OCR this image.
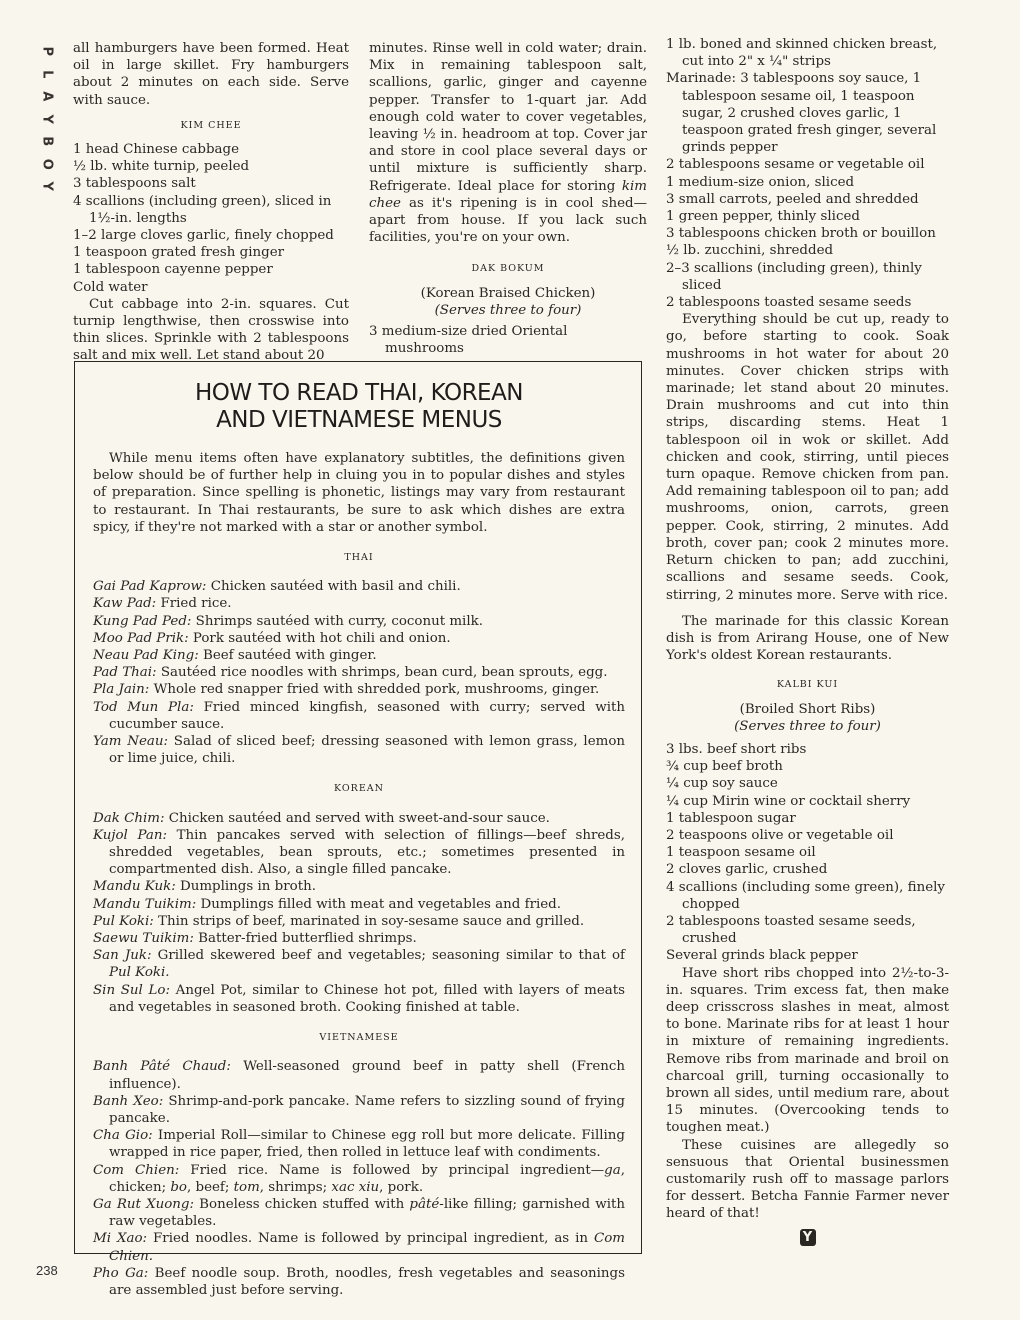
P
L
A
Y
B
O
Y

all hamburgers have been formed. Heat oil in large skillet. Fry hamburgers about 2 minutes on each side. Serve with sauce.

KIM CHEE

1 head Chinese cabbage

½ lb. white turnip, peeled

3 tablespoons salt

4 scallions (including green), sliced in 1½-in. lengths

1–2 large cloves garlic, finely chopped

1 teaspoon grated fresh ginger

1 tablespoon cayenne pepper

Cold water

Cut cabbage into 2-in. squares. Cut turnip lengthwise, then crosswise into thin slices. Sprinkle with 2 tablespoons salt and mix well. Let stand about 20

minutes. Rinse well in cold water; drain. Mix in remaining tablespoon salt, scallions, garlic, ginger and cayenne pepper. Transfer to 1-quart jar. Add enough cold water to cover vegetables, leaving ½ in. headroom at top. Cover jar and store in cool place several days or until mixture is sufficiently sharp. Refrigerate. Ideal place for storing kim chee as it's ripening is in cool shed—apart from house. If you lack such facilities, you're on your own.

DAK BOKUM

(Korean Braised Chicken)

(Serves three to four)

3 medium-size dried Oriental mushrooms

1 lb. boned and skinned chicken breast, cut into 2" x ¼" strips

Marinade: 3 tablespoons soy sauce, 1 tablespoon sesame oil, 1 teaspoon sugar, 2 crushed cloves garlic, 1 teaspoon grated fresh ginger, several grinds pepper

2 tablespoons sesame or vegetable oil

1 medium-size onion, sliced

3 small carrots, peeled and shredded

1 green pepper, thinly sliced

3 tablespoons chicken broth or bouillon

½ lb. zucchini, shredded

2–3 scallions (including green), thinly sliced

2 tablespoons toasted sesame seeds

Everything should be cut up, ready to go, before starting to cook. Soak mushrooms in hot water for about 20 minutes. Cover chicken strips with marinade; let stand about 20 minutes. Drain mushrooms and cut into thin strips, discarding stems. Heat 1 tablespoon oil in wok or skillet. Add chicken and cook, stirring, until pieces turn opaque. Remove chicken from pan. Add remaining tablespoon oil to pan; add mushrooms, onion, carrots, green pepper. Cook, stirring, 2 minutes. Add broth, cover pan; cook 2 minutes more. Return chicken to pan; add zucchini, scallions and sesame seeds. Cook, stirring, 2 minutes more. Serve with rice.

The marinade for this classic Korean dish is from Arirang House, one of New York's oldest Korean restaurants.

KALBI KUI

(Broiled Short Ribs)

(Serves three to four)

3 lbs. beef short ribs

¾ cup beef broth

¼ cup soy sauce

¼ cup Mirin wine or cocktail sherry

1 tablespoon sugar

2 teaspoons olive or vegetable oil

1 teaspoon sesame oil

2 cloves garlic, crushed

4 scallions (including some green), finely chopped

2 tablespoons toasted sesame seeds, crushed

Several grinds black pepper

Have short ribs chopped into 2½-to-3-in. squares. Trim excess fat, then make deep crisscross slashes in meat, almost to bone. Marinate ribs for at least 1 hour in mixture of remaining ingredients. Remove ribs from marinade and broil on charcoal grill, turning occasionally to brown all sides, until medium rare, about 15 minutes. (Overcooking tends to toughen meat.)

These cuisines are allegedly so sensuous that Oriental businessmen customarily rush off to massage parlors for dessert. Betcha Fannie Farmer never heard of that!

Y
HOW TO READ THAI, KOREAN
AND VIETNAMESE MENUS

While menu items often have explanatory subtitles, the definitions given below should be of further help in cluing you in to popular dishes and styles of preparation. Since spelling is phonetic, listings may vary from restaurant to restaurant. In Thai restaurants, be sure to ask which dishes are extra spicy, if they're not marked with a star or another symbol.

THAI

Gai Pad Kaprow: Chicken sautéed with basil and chili.

Kaw Pad: Fried rice.

Kung Pad Ped: Shrimps sautéed with curry, coconut milk.

Moo Pad Prik: Pork sautéed with hot chili and onion.

Neau Pad King: Beef sautéed with ginger.

Pad Thai: Sautéed rice noodles with shrimps, bean curd, bean sprouts, egg.

Pla Jain: Whole red snapper fried with shredded pork, mushrooms, ginger.

Tod Mun Pla: Fried minced kingfish, seasoned with curry; served with cucumber sauce.

Yam Neau: Salad of sliced beef; dressing seasoned with lemon grass, lemon or lime juice, chili.

KOREAN

Dak Chim: Chicken sautéed and served with sweet-and-sour sauce.

Kujol Pan: Thin pancakes served with selection of fillings—beef shreds, shredded vegetables, bean sprouts, etc.; sometimes presented in compartmented dish. Also, a single filled pancake.

Mandu Kuk: Dumplings in broth.

Mandu Tuikim: Dumplings filled with meat and vegetables and fried.

Pul Koki: Thin strips of beef, marinated in soy-sesame sauce and grilled.

Saewu Tuikim: Batter-fried butterflied shrimps.

San Juk: Grilled skewered beef and vegetables; seasoning similar to that of Pul Koki.

Sin Sul Lo: Angel Pot, similar to Chinese hot pot, filled with layers of meats and vegetables in seasoned broth. Cooking finished at table.

VIETNAMESE

Banh Pâté Chaud: Well-seasoned ground beef in patty shell (French influence).

Banh Xeo: Shrimp-and-pork pancake. Name refers to sizzling sound of frying pancake.

Cha Gio: Imperial Roll—similar to Chinese egg roll but more delicate. Filling wrapped in rice paper, fried, then rolled in lettuce leaf with condiments.

Com Chien: Fried rice. Name is followed by principal ingredient—ga, chicken; bo, beef; tom, shrimps; xac xiu, pork.

Ga Rut Xuong: Boneless chicken stuffed with pâté-like filling; garnished with raw vegetables.

Mi Xao: Fried noodles. Name is followed by principal ingredient, as in Com Chien.

Pho Ga: Beef noodle soup. Broth, noodles, fresh vegetables and seasonings are assembled just before serving.

238
